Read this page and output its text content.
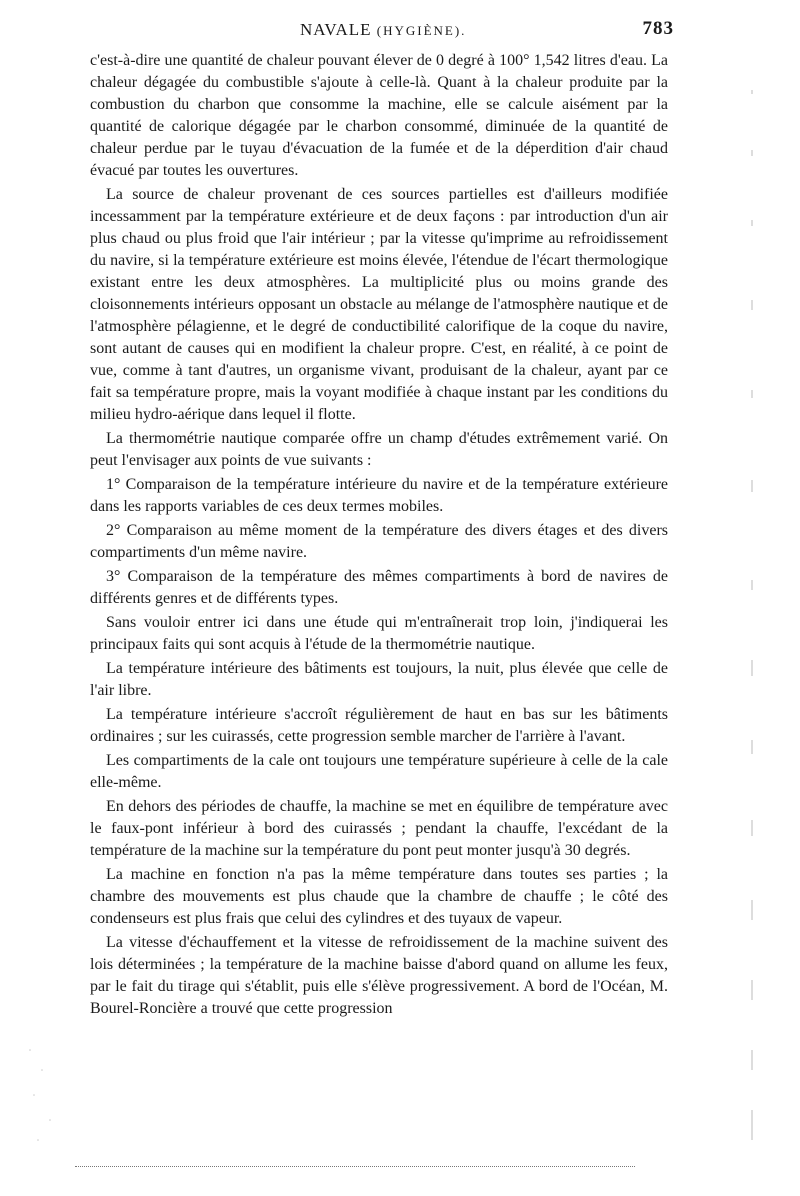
NAVALE (HYGIÈNE).	783

c'est-à-dire une quantité de chaleur pouvant élever de 0 degré à 100° 1,542 litres d'eau. La chaleur dégagée du combustible s'ajoute à celle-là. Quant à la chaleur produite par la combustion du charbon que consomme la machine, elle se calcule aisément par la quantité de calorique dégagée par le charbon consommé, diminuée de la quantité de chaleur perdue par le tuyau d'évacuation de la fumée et de la déperdition d'air chaud évacué par toutes les ouvertures.

La source de chaleur provenant de ces sources partielles est d'ailleurs modifiée incessamment par la température extérieure et de deux façons : par introduction d'un air plus chaud ou plus froid que l'air intérieur ; par la vitesse qu'imprime au refroidissement du navire, si la température extérieure est moins élevée, l'étendue de l'écart thermologique existant entre les deux atmosphères. La multiplicité plus ou moins grande des cloisonnements intérieurs opposant un obstacle au mélange de l'atmosphère nautique et de l'atmosphère pélagienne, et le degré de conductibilité calorifique de la coque du navire, sont autant de causes qui en modifient la chaleur propre. C'est, en réalité, à ce point de vue, comme à tant d'autres, un organisme vivant, produisant de la chaleur, ayant par ce fait sa température propre, mais la voyant modifiée à chaque instant par les conditions du milieu hydro-aérique dans lequel il flotte.

La thermométrie nautique comparée offre un champ d'études extrêmement varié. On peut l'envisager aux points de vue suivants :

1° Comparaison de la température intérieure du navire et de la température extérieure dans les rapports variables de ces deux termes mobiles.

2° Comparaison au même moment de la température des divers étages et des divers compartiments d'un même navire.

3° Comparaison de la température des mêmes compartiments à bord de navires de différents genres et de différents types.

Sans vouloir entrer ici dans une étude qui m'entraînerait trop loin, j'indiquerai les principaux faits qui sont acquis à l'étude de la thermométrie nautique.

La température intérieure des bâtiments est toujours, la nuit, plus élevée que celle de l'air libre.

La température intérieure s'accroît régulièrement de haut en bas sur les bâtiments ordinaires ; sur les cuirassés, cette progression semble marcher de l'arrière à l'avant.

Les compartiments de la cale ont toujours une température supérieure à celle de la cale elle-même.

En dehors des périodes de chauffe, la machine se met en équilibre de température avec le faux-pont inférieur à bord des cuirassés ; pendant la chauffe, l'excédant de la température de la machine sur la température du pont peut monter jusqu'à 30 degrés.

La machine en fonction n'a pas la même température dans toutes ses parties ; la chambre des mouvements est plus chaude que la chambre de chauffe ; le côté des condenseurs est plus frais que celui des cylindres et des tuyaux de vapeur.

La vitesse d'échauffement et la vitesse de refroidissement de la machine suivent des lois déterminées ; la température de la machine baisse d'abord quand on allume les feux, par le fait du tirage qui s'établit, puis elle s'élève progressivement. A bord de l'Océan, M. Bourel-Roncière a trouvé que cette progression
